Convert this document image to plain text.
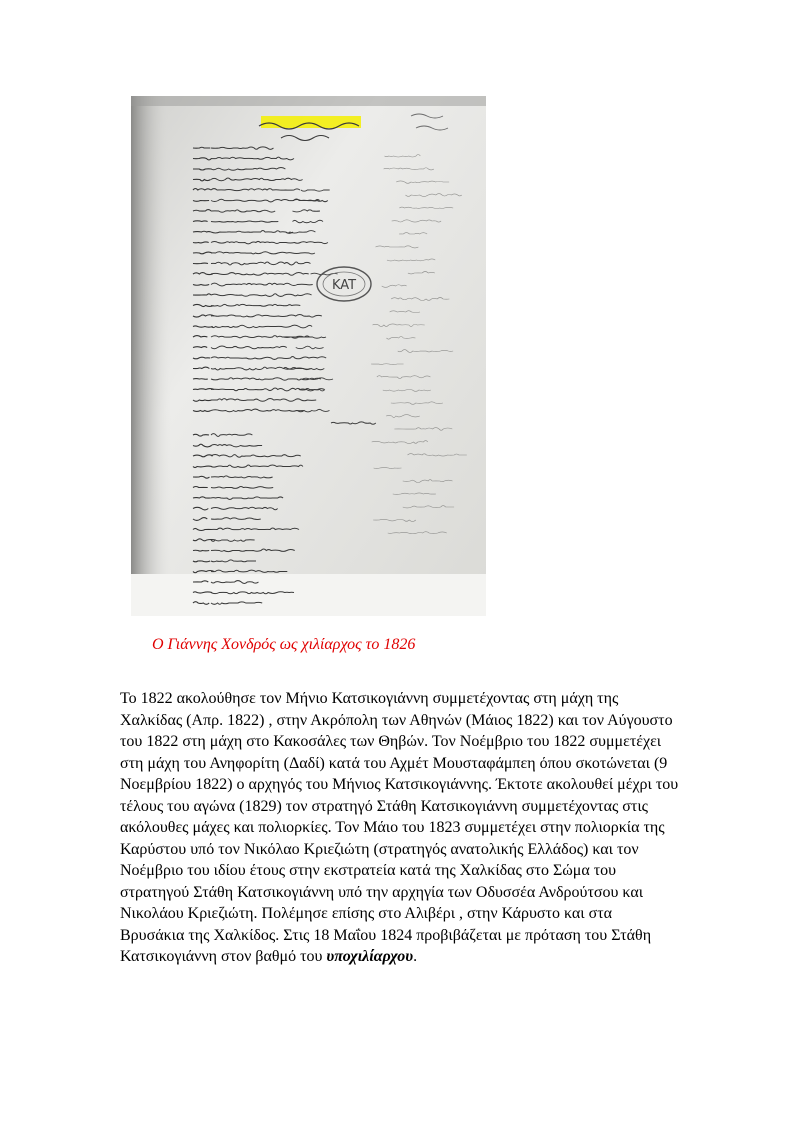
KAT
Ο Γιάννης Χονδρός ως χιλίαρχος το 1826

Το 1822 ακολούθησε τον Μήνιο Κατσικογιάννη συμμετέχοντας στη μάχη της Χαλκίδας (Απρ. 1822) , στην Ακρόπολη των Αθηνών (Μάιος 1822) και τον Αύγουστο του 1822 στη μάχη στο Κακοσάλες των Θηβών. Τον Νοέμβριο του 1822 συμμετέχει στη μάχη του Ανηφορίτη (Δαδί) κατά του Αχμέτ Μουσταφάμπεη όπου σκοτώνεται (9 Νοεμβρίου 1822) ο αρχηγός του Μήνιος Κατσικογιάννης. Έκτοτε ακολουθεί μέχρι του τέλους του αγώνα (1829) τον στρατηγό Στάθη Κατσικογιάννη συμμετέχοντας στις ακόλουθες μάχες και πολιορκίες. Τον Μάιο του 1823 συμμετέχει στην πολιορκία της Καρύστου υπό τον Νικόλαο Κριεζιώτη (στρατηγός ανατολικής Ελλάδος) και τον Νοέμβριο του ιδίου έτους στην εκστρατεία κατά της Χαλκίδας στο Σώμα του στρατηγού Στάθη Κατσικογιάννη υπό την αρχηγία των Οδυσσέα Ανδρούτσου και Νικολάου Κριεζιώτη. Πολέμησε επίσης στο Αλιβέρι , στην Κάρυστο και στα Βρυσάκια της Χαλκίδος. Στις 18 Μαΐου 1824 προβιβάζεται με πρόταση του Στάθη Κατσικογιάννη στον βαθμό του υποχιλίαρχου.
